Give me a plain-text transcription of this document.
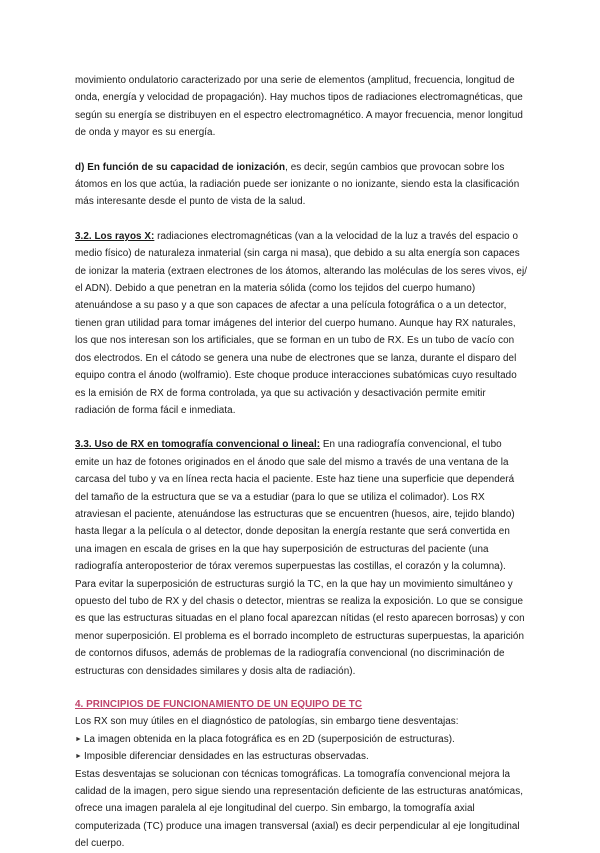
movimiento ondulatorio caracterizado por una serie de elementos (amplitud, frecuencia, longitud de onda, energía y velocidad de propagación). Hay muchos tipos de radiaciones electromagnéticas, que según su energía se distribuyen en el espectro electromagnético. A mayor frecuencia, menor longitud de onda y mayor es su energía.

d) En función de su capacidad de ionización, es decir, según cambios que provocan sobre los átomos en los que actúa, la radiación puede ser ionizante o no ionizante, siendo esta la clasificación más interesante desde el punto de vista de la salud.

3.2. Los rayos X: radiaciones electromagnéticas (van a la velocidad de la luz a través del espacio o medio físico) de naturaleza inmaterial (sin carga ni masa), que debido a su alta energía son capaces de ionizar la materia (extraen electrones de los átomos, alterando las moléculas de los seres vivos, ej/ el ADN). Debido a que penetran en la materia sólida (como los tejidos del cuerpo humano) atenuándose a su paso y a que son capaces de afectar a una película fotográfica o a un detector, tienen gran utilidad para tomar imágenes del interior del cuerpo humano. Aunque hay RX naturales, los que nos interesan son los artificiales, que se forman en un tubo de RX. Es un tubo de vacío con dos electrodos. En el cátodo se genera una nube de electrones que se lanza, durante el disparo del equipo contra el ánodo (wolframio). Este choque produce interacciones subatómicas cuyo resultado es la emisión de RX de forma controlada, ya que su activación y desactivación permite emitir radiación de forma fácil e inmediata.

3.3. Uso de RX en tomografía convencional o lineal: En una radiografía convencional, el tubo emite un haz de fotones originados en el ánodo que sale del mismo a través de una ventana de la carcasa del tubo y va en línea recta hacia el paciente. Este haz tiene una superficie que dependerá del tamaño de la estructura que se va a estudiar (para lo que se utiliza el colimador). Los RX atraviesan el paciente, atenuándose las estructuras que se encuentren (huesos, aire, tejido blando) hasta llegar a la película o al detector, donde depositan la energía restante que será convertida en una imagen en escala de grises en la que hay superposición de estructuras del paciente (una radiografía anteroposterior de tórax veremos superpuestas las costillas, el corazón y la columna). Para evitar la superposición de estructuras surgió la TC, en la que hay un movimiento simultáneo y opuesto del tubo de RX y del chasis o detector, mientras se realiza la exposición. Lo que se consigue es que las estructuras situadas en el plano focal aparezcan nítidas (el resto aparecen borrosas) y con menor superposición. El problema es el borrado incompleto de estructuras superpuestas, la aparición de contornos difusos, además de problemas de la radiografía convencional (no discriminación de estructuras con densidades similares y dosis alta de radiación).

4. PRINCIPIOS DE FUNCIONAMIENTO DE UN EQUIPO DE TC

Los RX son muy útiles en el diagnóstico de patologías, sin embargo tiene desventajas:

► La imagen obtenida en la placa fotográfica es en 2D (superposición de estructuras).
► Imposible diferenciar densidades en las estructuras observadas.

Estas desventajas se solucionan con técnicas tomográficas. La tomografía convencional mejora la calidad de la imagen, pero sigue siendo una representación deficiente de las estructuras anatómicas, ofrece una imagen paralela al eje longitudinal del cuerpo. Sin embargo, la tomografía axial computerizada (TC) produce una imagen transversal (axial) es decir perpendicular al eje longitudinal del cuerpo.
